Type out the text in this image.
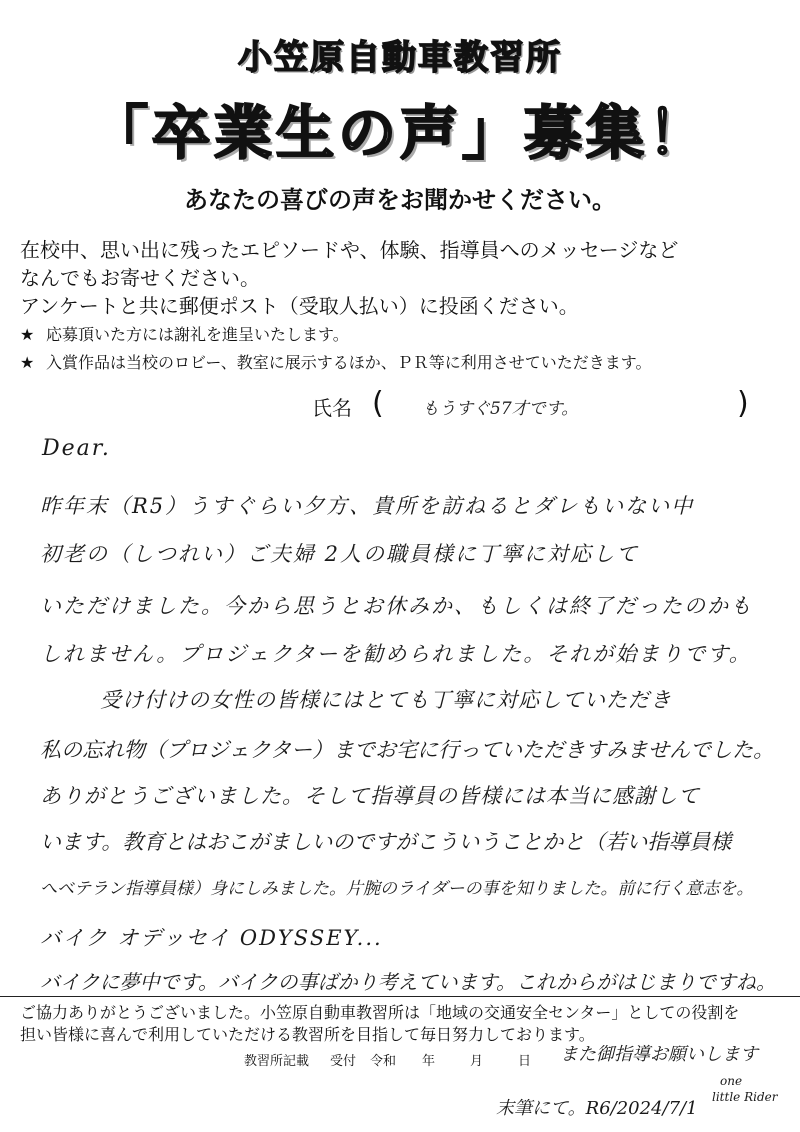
小笠原自動車教習所
「卒業生の声」募集！
あなたの喜びの声をお聞かせください。
在校中、思い出に残ったエピソードや、体験、指導員へのメッセージなど
なんでもお寄せください。
アンケートと共に郵便ポスト（受取人払い）に投函ください。
★ 応募頂いた方には謝礼を進呈いたします。
★ 入賞作品は当校のロビー、教室に展示するほか、ＰＲ等に利用させていただきます。
氏名 ( もうすぐ57才です。	)
Dear.
昨年末（R5）うすぐらい夕方、貴所を訪ねるとダレもいない中
初老の（しつれい）ご夫婦 2人の職員様に丁寧に対応して
いただけました。今から思うとお休みか、もしくは終了だったのかも
しれません。プロジェクターを勧められました。それが始まりです。
受け付けの女性の皆様にはとても丁寧に対応していただき
私の忘れ物（プロジェクター）までお宅に行っていただきすみませんでした。
ありがとうございました。そして指導員の皆様には本当に感謝して
います。教育とはおこがましいのですがこういうことかと（若い指導員様
へベテラン指導員様）身にしみました。片腕のライダーの事を知りました。前に行く意志を。
バイク オデッセイ ODYSSEY...
バイクに夢中です。バイクの事ばかり考えています。これからがはじまりですね。
ご協力ありがとうございました。小笠原自動車教習所は「地域の交通安全センター」としての役割を
担い皆様に喜んで利用していただける教習所を目指して毎日努力しております。
教習所記載 受付 令和 年	月	日 また御指導お願いします
末筆にて。R6/2024/7/1
one
little Rider
